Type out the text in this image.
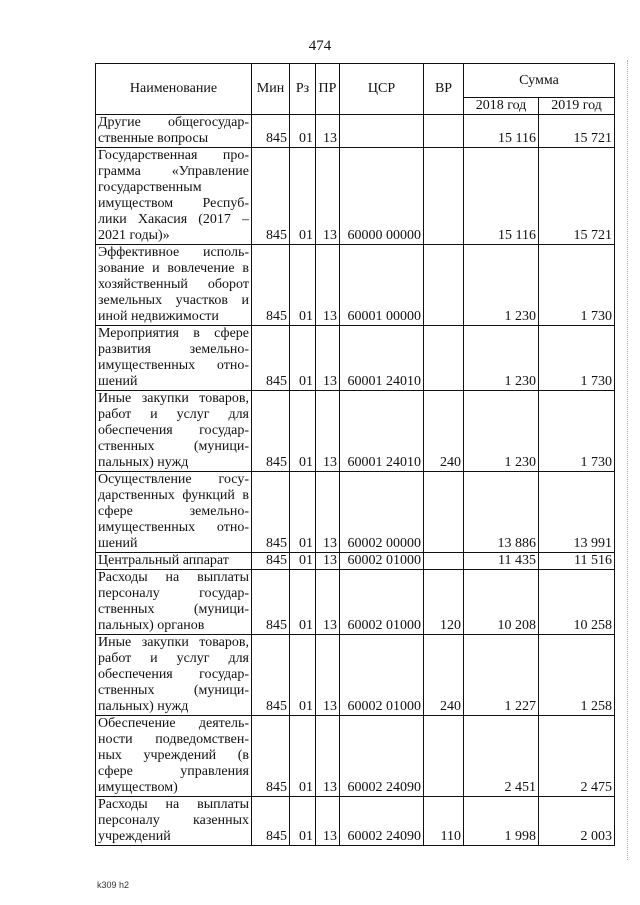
474
Наименование	Мин	Рз	ПР	ЦСР	ВР	Сумма	
						2018 год	2019 год
Другие общегосудар-ственные вопросы	845	01	13			15 116	15 721
Государственная про-грамма «Управление государственным имуществом Респуб-лики Хакасия (2017 – 2021 годы)»	845	01	13	60000 00000		15 116	15 721
Эффективное исполь-зование и вовлечение в хозяйственный оборот земельных участков и иной недвижимости	845	01	13	60001 00000		1 230	1 730
Мероприятия в сфере развития земельно-имущественных отно-шений	845	01	13	60001 24010		1 230	1 730
Иные закупки товаров, работ и услуг для обеспечения государ-ственных (муници-пальных) нужд	845	01	13	60001 24010	240	1 230	1 730
Осуществление госу-дарственных функций в сфере земельно-имущественных отно-шений	845	01	13	60002 00000		13 886	13 991
Центральный аппарат	845	01	13	60002 01000		11 435	11 516
Расходы на выплаты персоналу государ-ственных (муници-пальных) органов	845	01	13	60002 01000	120	10 208	10 258
Иные закупки товаров, работ и услуг для обеспечения государ-ственных (муници-пальных) нужд	845	01	13	60002 01000	240	1 227	1 258
Обеспечение деятель-ности подведомствен-ных учреждений (в сфере управления имуществом)	845	01	13	60002 24090		2 451	2 475
Расходы на выплаты персоналу казенных учреждений	845	01	13	60002 24090	110	1 998	2 003
k309 h2
